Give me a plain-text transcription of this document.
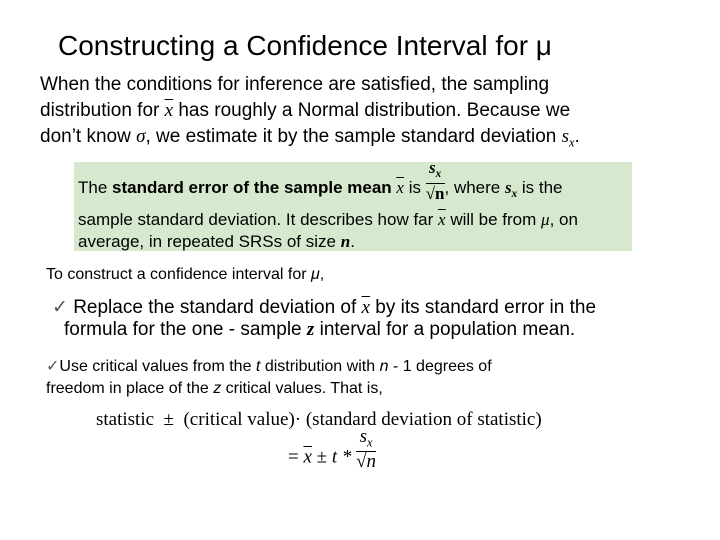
Constructing a Confidence Interval for μ
When the conditions for inference are satisfied, the sampling
distribution for $\overline{x}$ has roughly a Normal distribution. Because we
don’t know σ, we estimate it by the sample standard deviation $s_x$.
The standard error of the sample mean $\overline{x}$ is $\frac{s_x}{√n}$ , where $s_x$ is the
sample standard deviation. It describes how far $\overline{x}$ will be from μ, on
average, in repeated SRSs of size n.
To construct a confidence interval for μ,
✓ Replace the standard deviation of $\overline{x}$ by its standard error in the
formula for the one - sample z interval for a population mean.
✓Use critical values from the t distribution with n - 1 degrees of
freedom in place of the z critical values. That is,
statistic  ±  (critical value)· (standard deviation of statistic)
= $\overline{x} \pm t * \frac{s_x}{√n}$
